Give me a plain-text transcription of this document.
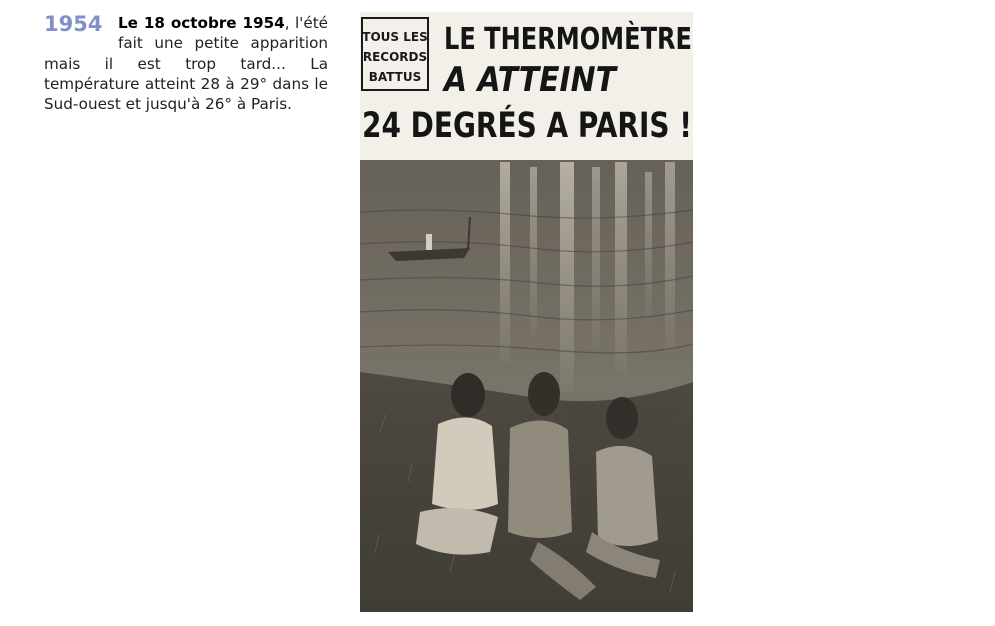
1954	Le 18 octobre 1954, l'été fait une petite apparition mais il est trop tard... La température atteint 28 à 29° dans le Sud-ouest et jusqu'à 26° à Paris.
TOUS LES
RECORDS
BATTUS
LE THERMOMÈTRE
A ATTEINT
24 DEGRÉS A PARIS !
